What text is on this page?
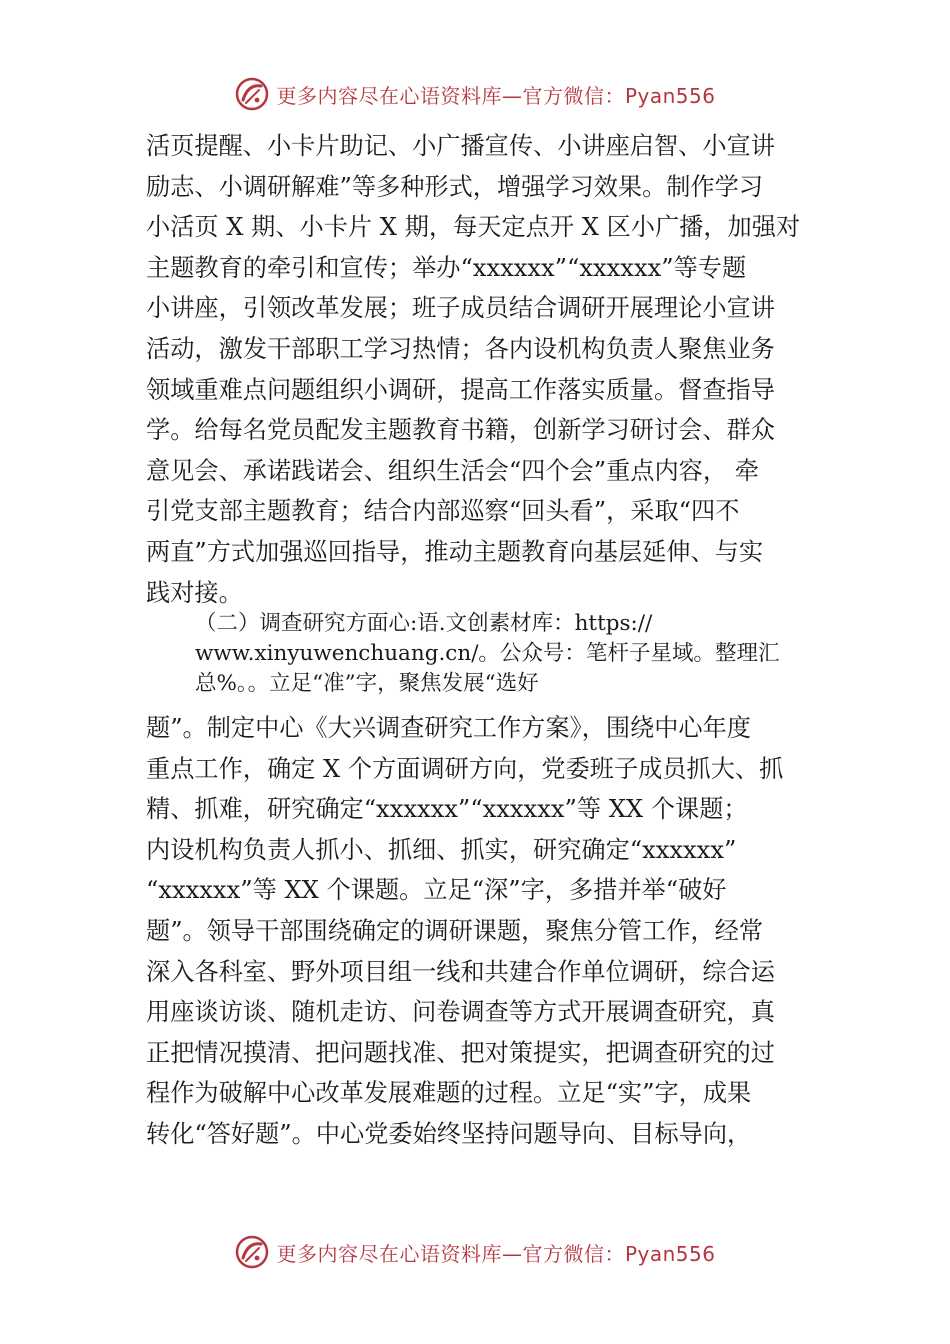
更多内容尽在心语资料库—官方微信：Pyan556
活页提醒、小卡片助记、小广播宣传、小讲座启智、小宣讲
励志、小调研解难”等多种形式，增强学习效果。制作学习
小活页 X 期、小卡片 X 期，每天定点开 X 区小广播，加强对
主题教育的牵引和宣传；举办“xxxxxx”“xxxxxx”等专题
小讲座，引领改革发展；班子成员结合调研开展理论小宣讲
活动，激发干部职工学习热情；各内设机构负责人聚焦业务
领域重难点问题组织小调研，提高工作落实质量。督查指导
学。给每名党员配发主题教育书籍，创新学习研讨会、群众
意见会、承诺践诺会、组织生活会“四个会”重点内容， 牵
引党支部主题教育；结合内部巡察“回头看”，采取“四不
两直”方式加强巡回指导，推动主题教育向基层延伸、与实
践对接。
（二）调查研究方面心:语.文创素材库：https://
www.xinyuwenchuang.cn/。公众号：笔杆子星域。整理汇
总%。。立足“准”字，聚焦发展“选好
题”。制定中心《大兴调查研究工作方案》，围绕中心年度
重点工作，确定 X 个方面调研方向，党委班子成员抓大、抓
精、抓难，研究确定“xxxxxx”“xxxxxx”等 XX 个课题；
内设机构负责人抓小、抓细、抓实，研究确定“xxxxxx”
“xxxxxx”等 XX 个课题。立足“深”字，多措并举“破好
题”。领导干部围绕确定的调研课题，聚焦分管工作，经常
深入各科室、野外项目组一线和共建合作单位调研，综合运
用座谈访谈、随机走访、问卷调查等方式开展调查研究，真
正把情况摸清、把问题找准、把对策提实，把调查研究的过
程作为破解中心改革发展难题的过程。立足“实”字，成果
转化“答好题”。中心党委始终坚持问题导向、目标导向，
更多内容尽在心语资料库—官方微信：Pyan556
